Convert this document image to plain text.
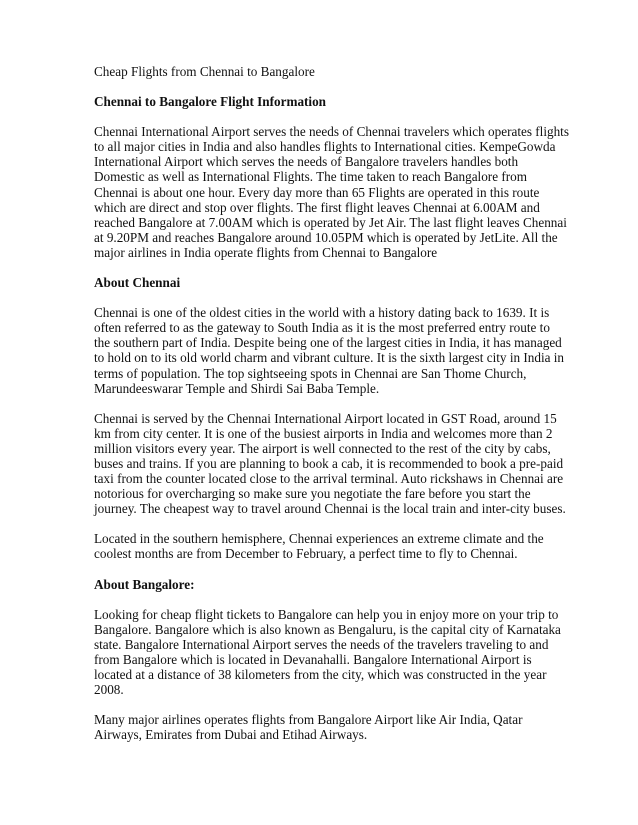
Cheap Flights from Chennai to Bangalore
Chennai to Bangalore Flight Information
Chennai International Airport serves the needs of Chennai travelers which operates flights
to all major cities in India and also handles flights to International cities. KempeGowda
International Airport which serves the needs of Bangalore travelers handles both
Domestic as well as International Flights. The time taken to reach Bangalore from
Chennai is about one hour. Every day more than 65 Flights are operated in this route
which are direct and stop over flights. The first flight leaves Chennai at 6.00AM and
reached Bangalore at 7.00AM which is operated by Jet Air. The last flight leaves Chennai
at 9.20PM and reaches Bangalore around 10.05PM which is operated by JetLite. All the
major airlines in India operate flights from Chennai to Bangalore
About Chennai
Chennai is one of the oldest cities in the world with a history dating back to 1639. It is
often referred to as the gateway to South India as it is the most preferred entry route to
the southern part of India. Despite being one of the largest cities in India, it has managed
to hold on to its old world charm and vibrant culture. It is the sixth largest city in India in
terms of population. The top sightseeing spots in Chennai are San Thome Church,
Marundeeswarar Temple and Shirdi Sai Baba Temple.
Chennai is served by the Chennai International Airport located in GST Road, around 15
km from city center. It is one of the busiest airports in India and welcomes more than 2
million visitors every year. The airport is well connected to the rest of the city by cabs,
buses and trains. If you are planning to book a cab, it is recommended to book a pre-paid
taxi from the counter located close to the arrival terminal. Auto rickshaws in Chennai are
notorious for overcharging so make sure you negotiate the fare before you start the
journey. The cheapest way to travel around Chennai is the local train and inter-city buses.
Located in the southern hemisphere, Chennai experiences an extreme climate and the
coolest months are from December to February, a perfect time to fly to Chennai.
About Bangalore:
Looking for cheap flight tickets to Bangalore can help you in enjoy more on your trip to
Bangalore. Bangalore which is also known as Bengaluru, is the capital city of Karnataka
state. Bangalore International Airport serves the needs of the travelers traveling to and
from Bangalore which is located in Devanahalli. Bangalore International Airport is
located at a distance of 38 kilometers from the city, which was constructed in the year
2008.
Many major airlines operates flights from Bangalore Airport like Air India, Qatar
Airways, Emirates from Dubai and Etihad Airways.
